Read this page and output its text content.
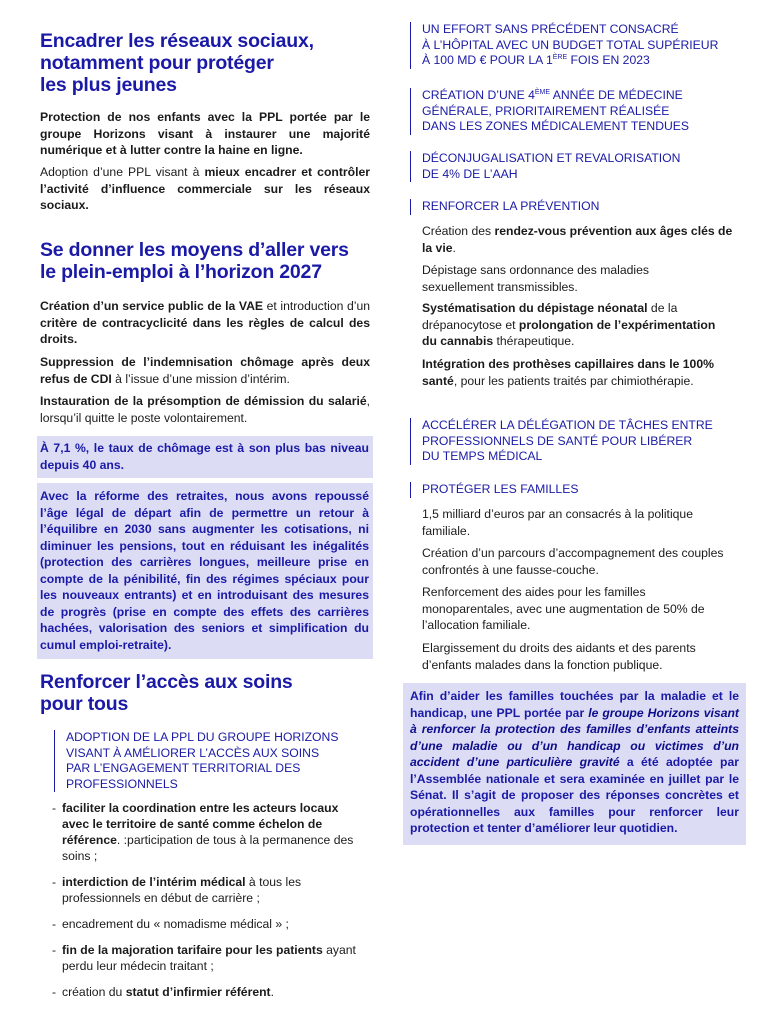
Encadrer les réseaux sociaux,
notamment pour protéger
les plus jeunes

Protection de nos enfants avec la PPL portée par le groupe Horizons visant à instaurer une majorité numérique et à lutter contre la haine en ligne.

Adoption d’une PPL visant à mieux encadrer et contrôler l’activité d’influence commerciale sur les réseaux sociaux.

Se donner les moyens d’aller vers
le plein-emploi à l’horizon 2027

Création d’un service public de la VAE et introduction d’un critère de contracyclicité dans les règles de calcul des droits.

Suppression de l’indemnisation chômage après deux refus de CDI à l’issue d’une mission d’intérim.

Instauration de la présomption de démission du salarié, lorsqu’il quitte le poste volontairement.

À 7,1 %, le taux de chômage est à son plus bas niveau depuis 40 ans.
Avec la réforme des retraites, nous avons repoussé l’âge légal de départ afin de permettre un retour à l’équilibre en 2030 sans augmenter les cotisations, ni diminuer les pensions, tout en réduisant les inégalités (protection des carrières longues, meilleure prise en compte de la pénibilité, fin des régimes spéciaux pour les nouveaux entrants) et en introduisant des mesures de progrès (prise en compte des effets des carrières hachées, valorisation des seniors et simplification du cumul emploi-retraite).
Renforcer l’accès aux soins
pour tous
ADOPTION DE LA PPL DU GROUPE HORIZONS
VISANT À AMÉLIORER L’ACCÈS AUX SOINS
PAR L’ENGAGEMENT TERRITORIAL DES
PROFESSIONNELS
- faciliter la coordination entre les acteurs locaux avec le territoire de santé comme échelon de référence. :participation de tous à la permanence des soins ;
- interdiction de l’intérim médical à tous les professionnels en début de carrière ;
- encadrement du « nomadisme médical » ;
- fin de la majoration tarifaire pour les patients ayant perdu leur médecin traitant ;
- création du statut d’infirmier référent.
UN EFFORT SANS PRÉCÉDENT CONSACRÉ
À L’HÔPITAL AVEC UN BUDGET TOTAL SUPÉRIEUR
À 100 MD € POUR LA 1ÈRE FOIS EN 2023
CRÉATION D’UNE 4ÈME ANNÉE DE MÉDECINE
GÉNÉRALE, PRIORITAIREMENT RÉALISÉE
DANS LES ZONES MÉDICALEMENT TENDUES
DÉCONJUGALISATION ET REVALORISATION
DE 4% DE L’AAH
RENFORCER LA PRÉVENTION

Création des rendez-vous prévention aux âges clés de la vie.

Dépistage sans ordonnance des maladies sexuellement transmissibles.

Systématisation du dépistage néonatal de la drépanocytose et prolongation de l’expérimentation du cannabis thérapeutique.

Intégration des prothèses capillaires dans le 100% santé, pour les patients traités par chimiothérapie.

ACCÉLÉRER LA DÉLÉGATION DE TÂCHES ENTRE
PROFESSIONNELS DE SANTÉ POUR LIBÉRER
DU TEMPS MÉDICAL
PROTÉGER LES FAMILLES

1,5 milliard d’euros par an consacrés à la politique familiale.

Création d’un parcours d’accompagnement des couples confrontés à une fausse-couche.

Renforcement des aides pour les familles monoparentales, avec une augmentation de 50% de l’allocation familiale.

Elargissement du droits des aidants et des parents d’enfants malades dans la fonction publique.

Afin d’aider les familles touchées par la maladie et le handicap, une PPL portée par le groupe Horizons visant à renforcer la protection des familles d’enfants atteints d’une maladie ou d’un handicap ou victimes d’un accident d’une particulière gravité a été adoptée par l’Assemblée nationale et sera examinée en juillet par le Sénat. Il s’agit de proposer des réponses concrètes et opérationnelles aux familles pour renforcer leur protection et tenter d’améliorer leur quotidien.
